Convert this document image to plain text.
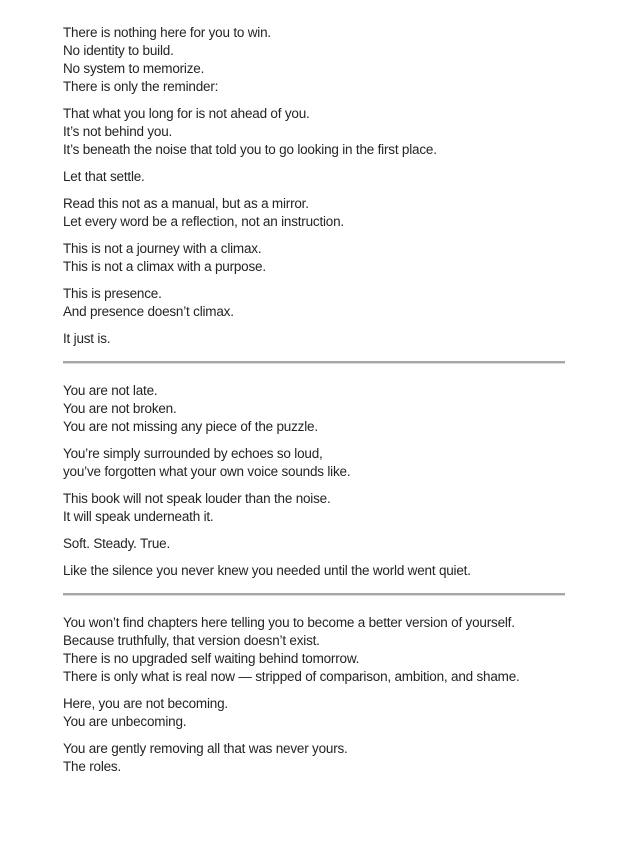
There is nothing here for you to win.
No identity to build.
No system to memorize.
There is only the reminder:

That what you long for is not ahead of you.
It’s not behind you.
It’s beneath the noise that told you to go looking in the first place.

Let that settle.

Read this not as a manual, but as a mirror.
Let every word be a reflection, not an instruction.

This is not a journey with a climax.
This is not a climax with a purpose.

This is presence.
And presence doesn’t climax.

It just is.

You are not late.
You are not broken.
You are not missing any piece of the puzzle.

You’re simply surrounded by echoes so loud,
you’ve forgotten what your own voice sounds like.

This book will not speak louder than the noise.
It will speak underneath it.

Soft. Steady. True.

Like the silence you never knew you needed until the world went quiet.

You won’t find chapters here telling you to become a better version of yourself.
Because truthfully, that version doesn’t exist.
There is no upgraded self waiting behind tomorrow.
There is only what is real now — stripped of comparison, ambition, and shame.

Here, you are not becoming.
You are unbecoming.

You are gently removing all that was never yours.
The roles.
